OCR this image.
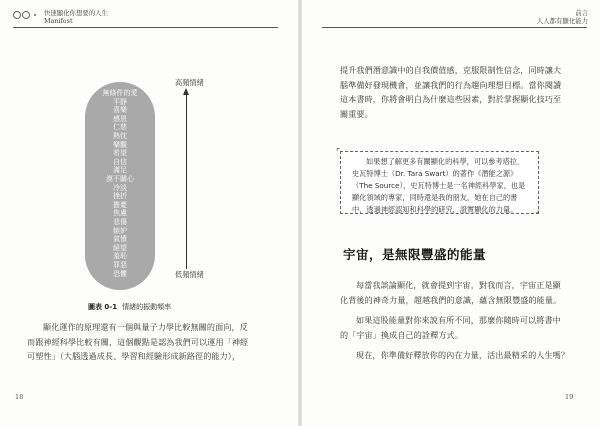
快速顯化你想要的人生
Manifest
無條件的愛
平靜
喜樂
感恩
仁慈
熱忱
樂觀
希望
自信
滿足
漠不關心
冷淡
挫折
擔憂
焦慮
悲傷
嫉妒
氣憤
絕望
羞恥
罪惡
恐懼
高頻情緒
低頻情緒
圖表 0-1 情緒的振動頻率

顯化運作的原理還有一個與量子力學比較無關的面向，反

而跟神經科學比較有關，這個觀點是認為我們可以運用「神經

可塑性」（大腦透過成長、學習和經驗形成新路徑的能力），

18
前言
人人都有顯化能力

提升我們潛意識中的自我價值感，克服限制性信念，同時讓大

腦準備好發現機會，並讓我們的行為趨向理想目標。當你閱讀

這本書時，你將會明白為什麼這些因素，對於掌握顯化技巧至

關重要。

⌜
⌟
如果想了解更多有關顯化的科學，可以參考塔拉．史瓦特博士（Dr. Tara Swart）的著作《潛能之源》（The Source），史瓦特博士是一名神經科學家，也是顯化領域的專家，同時還是我的朋友，她在自己的書中，透過神經認知和科學的研究，證實顯化的力量。
宇宙，是無限豐盛的能量

每當我談論顯化，就會提到宇宙，對我而言，宇宙正是顯

化背後的神奇力量，超越我們的意識，蘊含無限豐盛的能量。

如果這股能量對你來說有所不同，那麼你隨時可以將書中

的「宇宙」換成自己的詮釋方式。

現在，你準備好釋放你的內在力量，活出最精采的人生嗎？

19
